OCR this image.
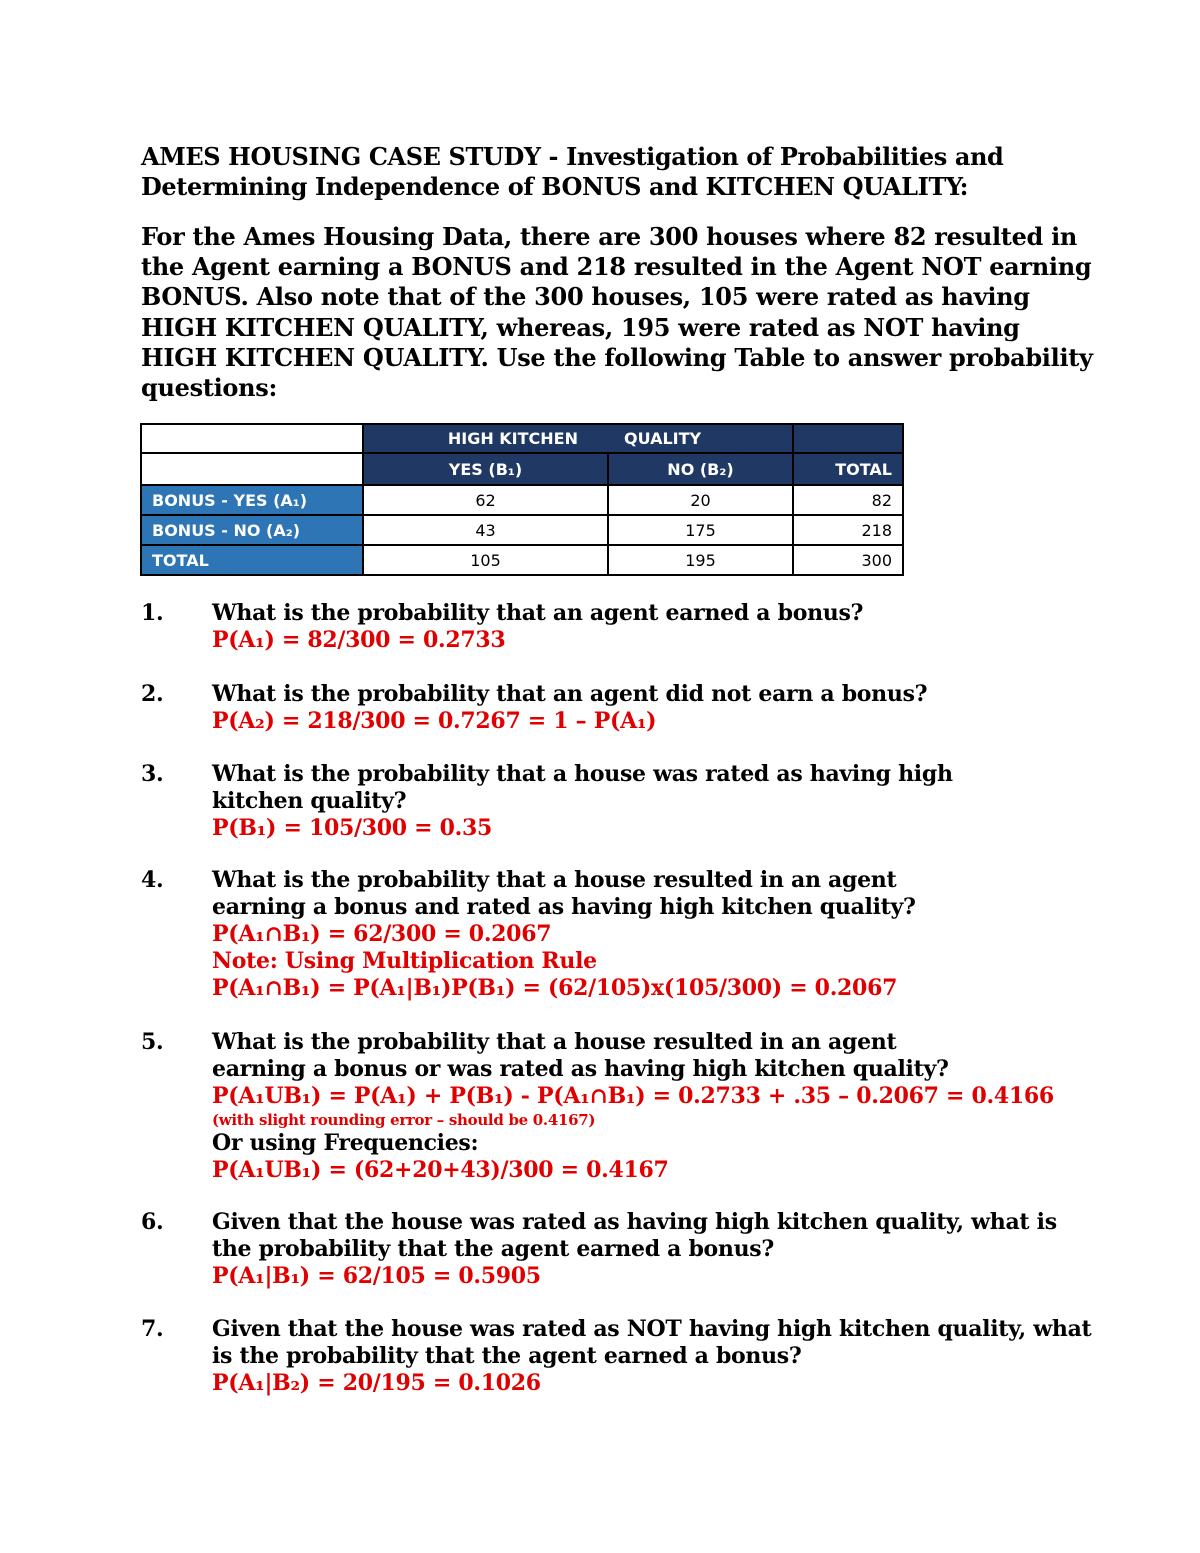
AMES HOUSING CASE STUDY - Investigation of Probabilities and Determining Independence of BONUS and KITCHEN QUALITY:
For the Ames Housing Data, there are 300 houses where 82 resulted in the Agent earning a BONUS and 218 resulted in the Agent NOT earning BONUS. Also note that of the 300 houses, 105 were rated as having HIGH KITCHEN QUALITY, whereas, 195 were rated as NOT having HIGH KITCHEN QUALITY. Use the following Table to answer probability questions:
	HIGH KITCHEN	QUALITY	
	YES (B₁)	NO (B₂)	TOTAL
BONUS - YES (A₁)	62	20	82
BONUS - NO (A₂)	43	175	218
TOTAL	105	195	300
1. What is the probability that an agent earned a bonus?
P(A₁) = 82/300 = 0.2733
2. What is the probability that an agent did not earn a bonus?
P(A₂) = 218/300 = 0.7267 = 1 – P(A₁)
3. What is the probability that a house was rated as having high kitchen quality?
P(B₁) = 105/300 = 0.35
4. What is the probability that a house resulted in an agent earning a bonus and rated as having high kitchen quality?
P(A₁∩B₁) = 62/300 = 0.2067
Note: Using Multiplication Rule
P(A₁∩B₁) = P(A₁|B₁)P(B₁) = (62/105)x(105/300) = 0.2067
5. What is the probability that a house resulted in an agent earning a bonus or was rated as having high kitchen quality?
P(A₁UB₁) = P(A₁) + P(B₁) - P(A₁∩B₁) = 0.2733 + .35 – 0.2067 = 0.4166
(with slight rounding error – should be 0.4167)
Or using Frequencies:
P(A₁UB₁) = (62+20+43)/300 = 0.4167
6. Given that the house was rated as having high kitchen quality, what is the probability that the agent earned a bonus?
P(A₁|B₁) = 62/105 = 0.5905
7. Given that the house was rated as NOT having high kitchen quality, what is the probability that the agent earned a bonus?
P(A₁|B₂) = 20/195 = 0.1026
